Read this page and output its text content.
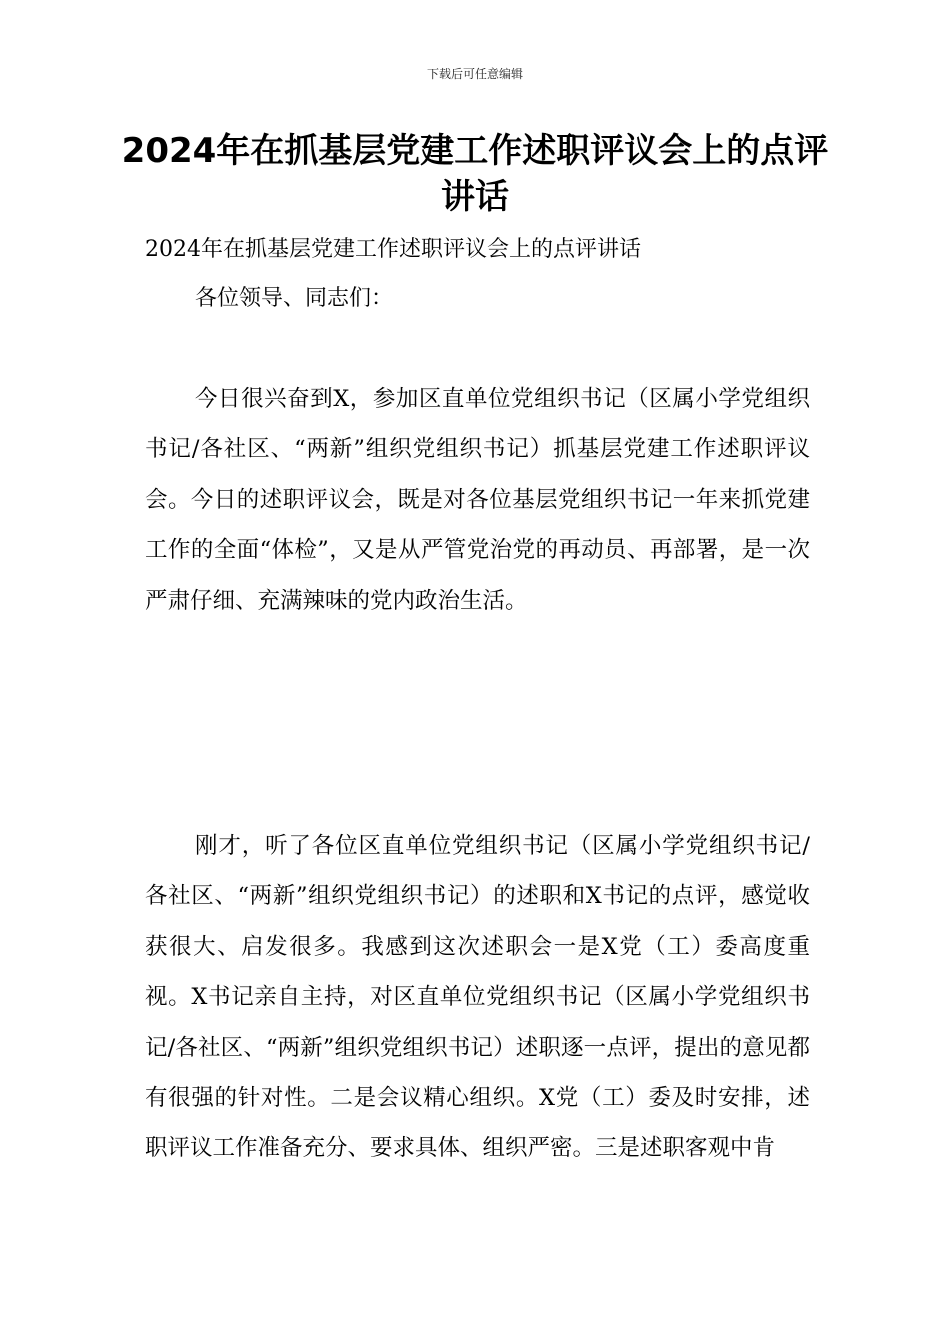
下载后可任意编辑
2024年在抓基层党建工作述职评议会上的点评讲话

2024年在抓基层党建工作述职评议会上的点评讲话

各位领导、同志们：

今日很兴奋到X，参加区直单位党组织书记（区属小学党组织书记/各社区、“两新”组织党组织书记）抓基层党建工作述职评议会。今日的述职评议会，既是对各位基层党组织书记一年来抓党建工作的全面“体检”，又是从严管党治党的再动员、再部署，是一次严肃仔细、充满辣味的党内政治生活。

刚才，听了各位区直单位党组织书记（区属小学党组织书记/各社区、“两新”组织党组织书记）的述职和X书记的点评，感觉收获很大、启发很多。我感到这次述职会一是X党（工）委高度重视。X书记亲自主持，对区直单位党组织书记（区属小学党组织书记/各社区、“两新”组织党组织书记）述职逐一点评，提出的意见都有很强的针对性。二是会议精心组织。X党（工）委及时安排，述职评议工作准备充分、要求具体、组织严密。三是述职客观中肯
